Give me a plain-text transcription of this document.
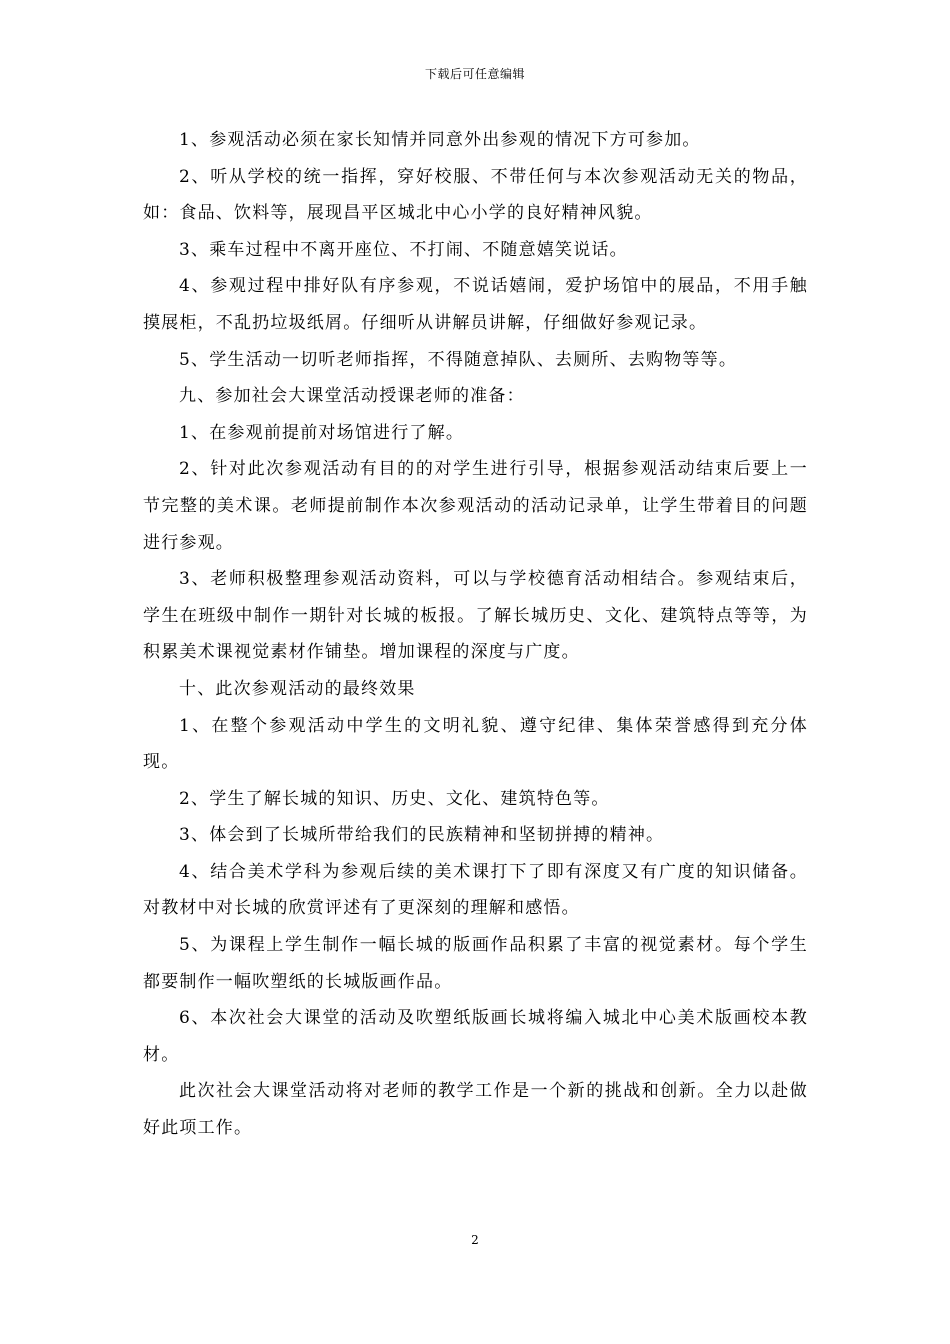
下载后可任意编辑

1、参观活动必须在家长知情并同意外出参观的情况下方可参加。

2、听从学校的统一指挥，穿好校服、不带任何与本次参观活动无关的物品，如：食品、饮料等，展现昌平区城北中心小学的良好精神风貌。

3、乘车过程中不离开座位、不打闹、不随意嬉笑说话。

4、参观过程中排好队有序参观，不说话嬉闹，爱护场馆中的展品，不用手触摸展柜，不乱扔垃圾纸屑。仔细听从讲解员讲解，仔细做好参观记录。

5、学生活动一切听老师指挥，不得随意掉队、去厕所、去购物等等。

九、参加社会大课堂活动授课老师的准备：

1、在参观前提前对场馆进行了解。

2、针对此次参观活动有目的的对学生进行引导，根据参观活动结束后要上一节完整的美术课。老师提前制作本次参观活动的活动记录单，让学生带着目的问题进行参观。

3、老师积极整理参观活动资料，可以与学校德育活动相结合。参观结束后，学生在班级中制作一期针对长城的板报。了解长城历史、文化、建筑特点等等，为积累美术课视觉素材作铺垫。增加课程的深度与广度。

十、此次参观活动的最终效果

1、在整个参观活动中学生的文明礼貌、遵守纪律、集体荣誉感得到充分体现。

2、学生了解长城的知识、历史、文化、建筑特色等。

3、体会到了长城所带给我们的民族精神和坚韧拼搏的精神。

4、结合美术学科为参观后续的美术课打下了即有深度又有广度的知识储备。对教材中对长城的欣赏评述有了更深刻的理解和感悟。

5、为课程上学生制作一幅长城的版画作品积累了丰富的视觉素材。每个学生都要制作一幅吹塑纸的长城版画作品。

6、本次社会大课堂的活动及吹塑纸版画长城将编入城北中心美术版画校本教材。

此次社会大课堂活动将对老师的教学工作是一个新的挑战和创新。全力以赴做好此项工作。

2
